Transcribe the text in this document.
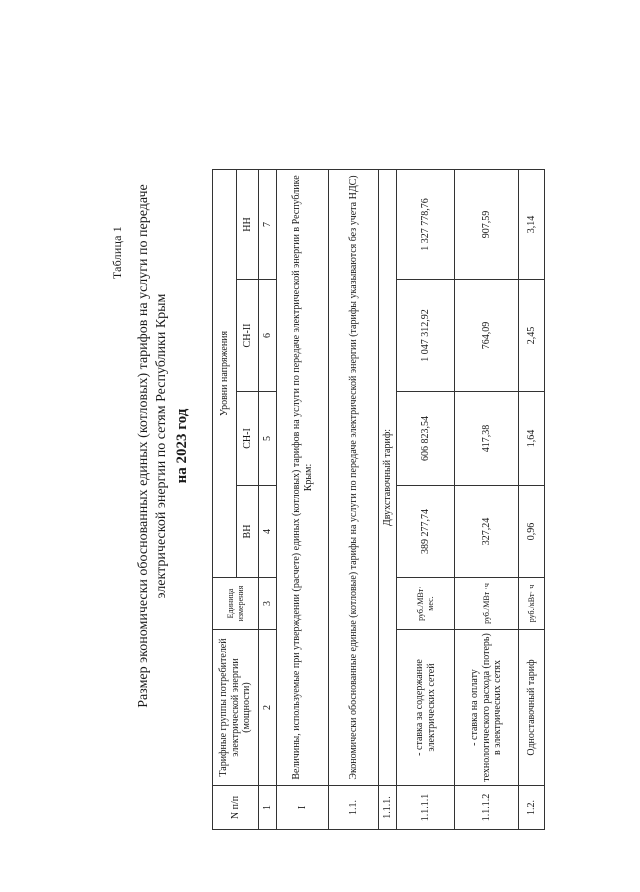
Таблица 1 Размер экономически обоснованных единых (котловых) тарифов на услуги по передаче электрической энергии по сетям Республики Крым на 2023 год
N п/п	Тарифные группы потребителей электрической энергии (мощности)	Единица измерения	Уровни напряжения			
			ВН	СН-I	СН-II	НН
1	2	3	4	5	6	7
I	Величины, используемые при утверждении (расчете) единых (котловых) тарифов на услуги по передаче электрической энергии в Республике Крым:					
1.1.	Экономически обоснованные единые (котловые) тарифы на услуги по передаче электрической энергии (тарифы указываются без учета НДС)					
1.1.1.	Двухставочный тариф:					
1.1.1.1	- ставка за содержание электрических сетей	руб./МВт· мес.	389 277,74	606 823,54	1 047 312,92	1 327 778,76
1.1.1.2	- ставка на оплату технологического расхода (потерь) в электрических сетях	руб./МВт ·ч	327,24	417,38	764,09	907,59
1.2.	Одноставочный тариф	руб./кВт· ч	0,96	1,64	2,45	3,14
